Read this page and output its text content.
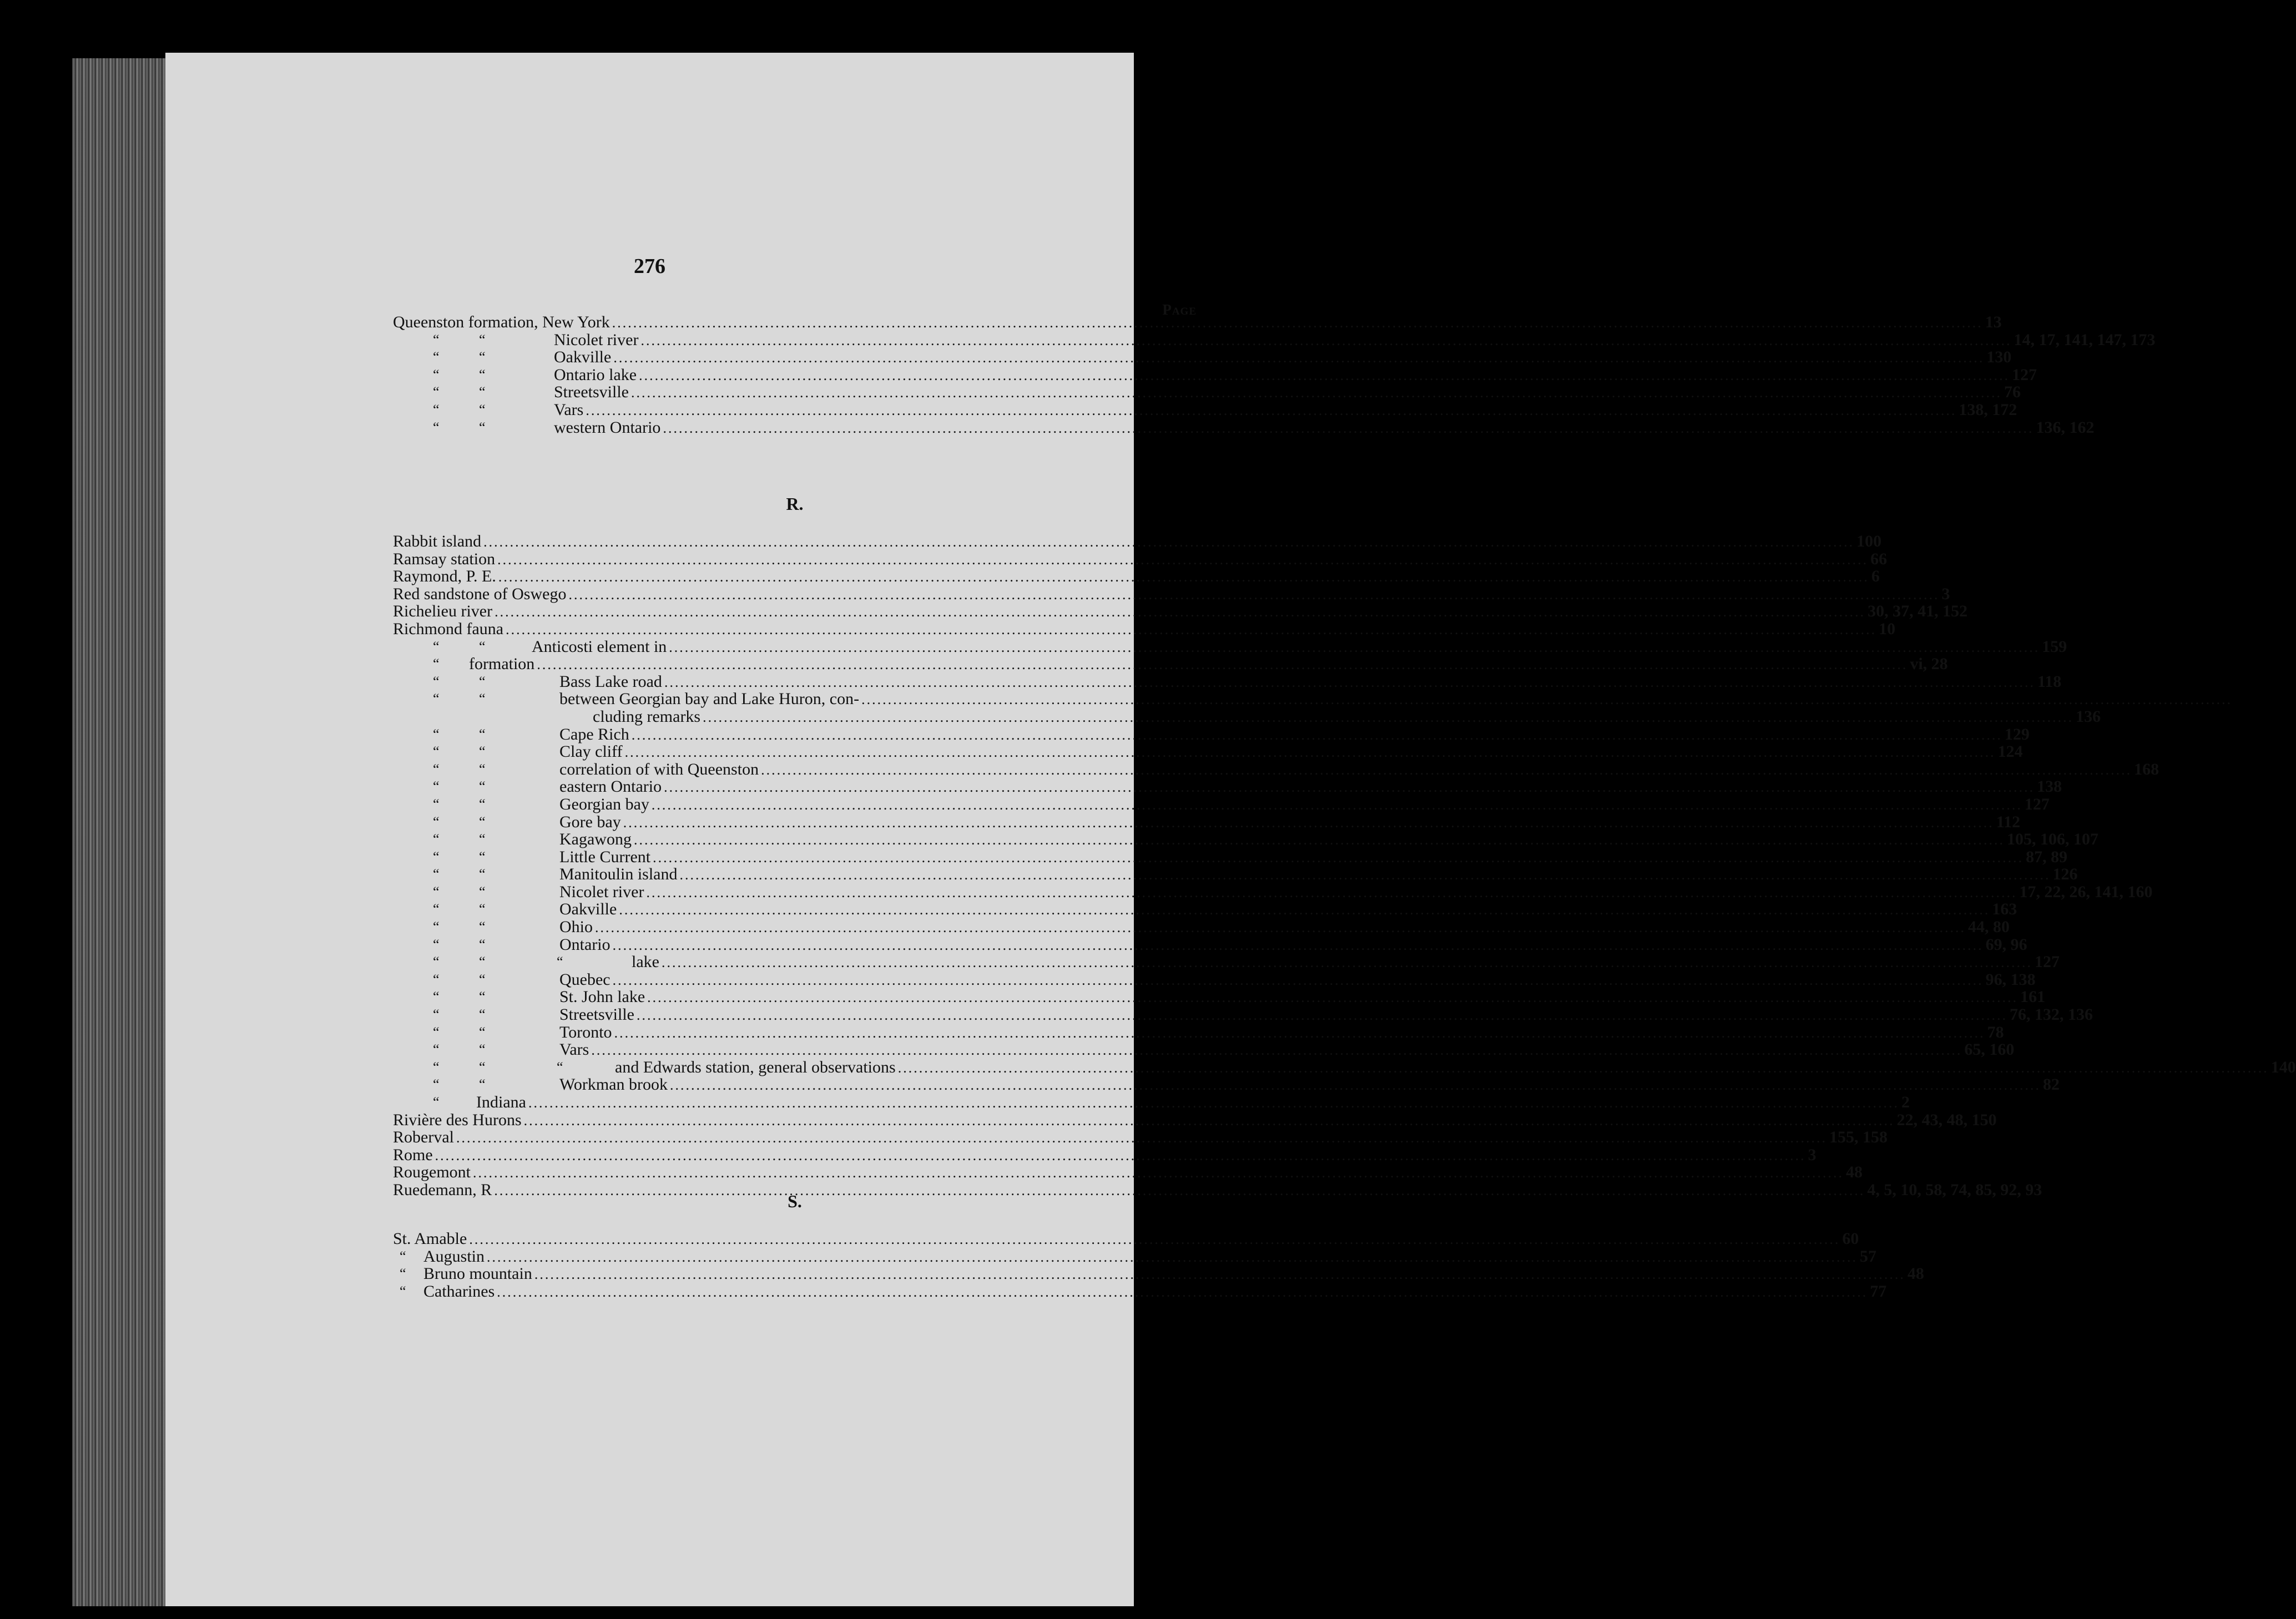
276
Page
Queenston formation, New York .....	13
“	“	Nicolet river .....	14, 17, 141, 147, 173
“	“	Oakville .....	130
“	“	Ontario lake .....	127
“	“	Streetsville .....	76
“	“	Vars .....	138, 172
“	“	western Ontario .....	136, 162
R.
Rabbit island .....	100
Ramsay station .....	66
Raymond, P. E. .....	6
Red sandstone of Oswego .....	3
Richelieu river .....	30, 37, 41, 152
Richmond fauna .....	10
“	“	Anticosti element in .....	159
“ formation .....	vi, 28
“	“	Bass Lake road .....	118
“	“	between Georgian bay and Lake Huron, con-
.....
cluding remarks .....	136
“	“	Cape Rich .....	129
“	“	Clay cliff .....	124
“	“	correlation of with Queenston .....	168
“	“	eastern Ontario .....	138
“	“	Georgian bay .....	127
“	“	Gore bay .....	112
“	“	Kagawong .....	105, 106, 107
“	“	Little Current .....	87, 89
“	“	Manitoulin island .....	126
“	“	Nicolet river .....	17, 22, 26, 141, 160
“	“	Oakville .....	163
“	“	Ohio .....	44, 80
“	“	Ontario .....	69, 96
“	“	“	lake .....	127
“	“	Quebec .....	96, 138
“	“	St. John lake .....	161
“	“	Streetsville .....	76, 132, 136
“	“	Toronto .....	78
“	“	Vars .....	65, 160
“	“	“	and Edwards station, general observations .....	140
“	“	Workman brook .....	82
“ Indiana .....	2
Rivière des Hurons .....	22, 43, 48, 150
Roberval .....	155, 158
Rome .....	3
Rougemont .....	48
Ruedemann, R .....	4, 5, 10, 58, 74, 85, 92, 93
S.
St. Amable .....	60
“ Augustin .....	57
“ Bruno mountain .....	48
“ Catharines .....	77
